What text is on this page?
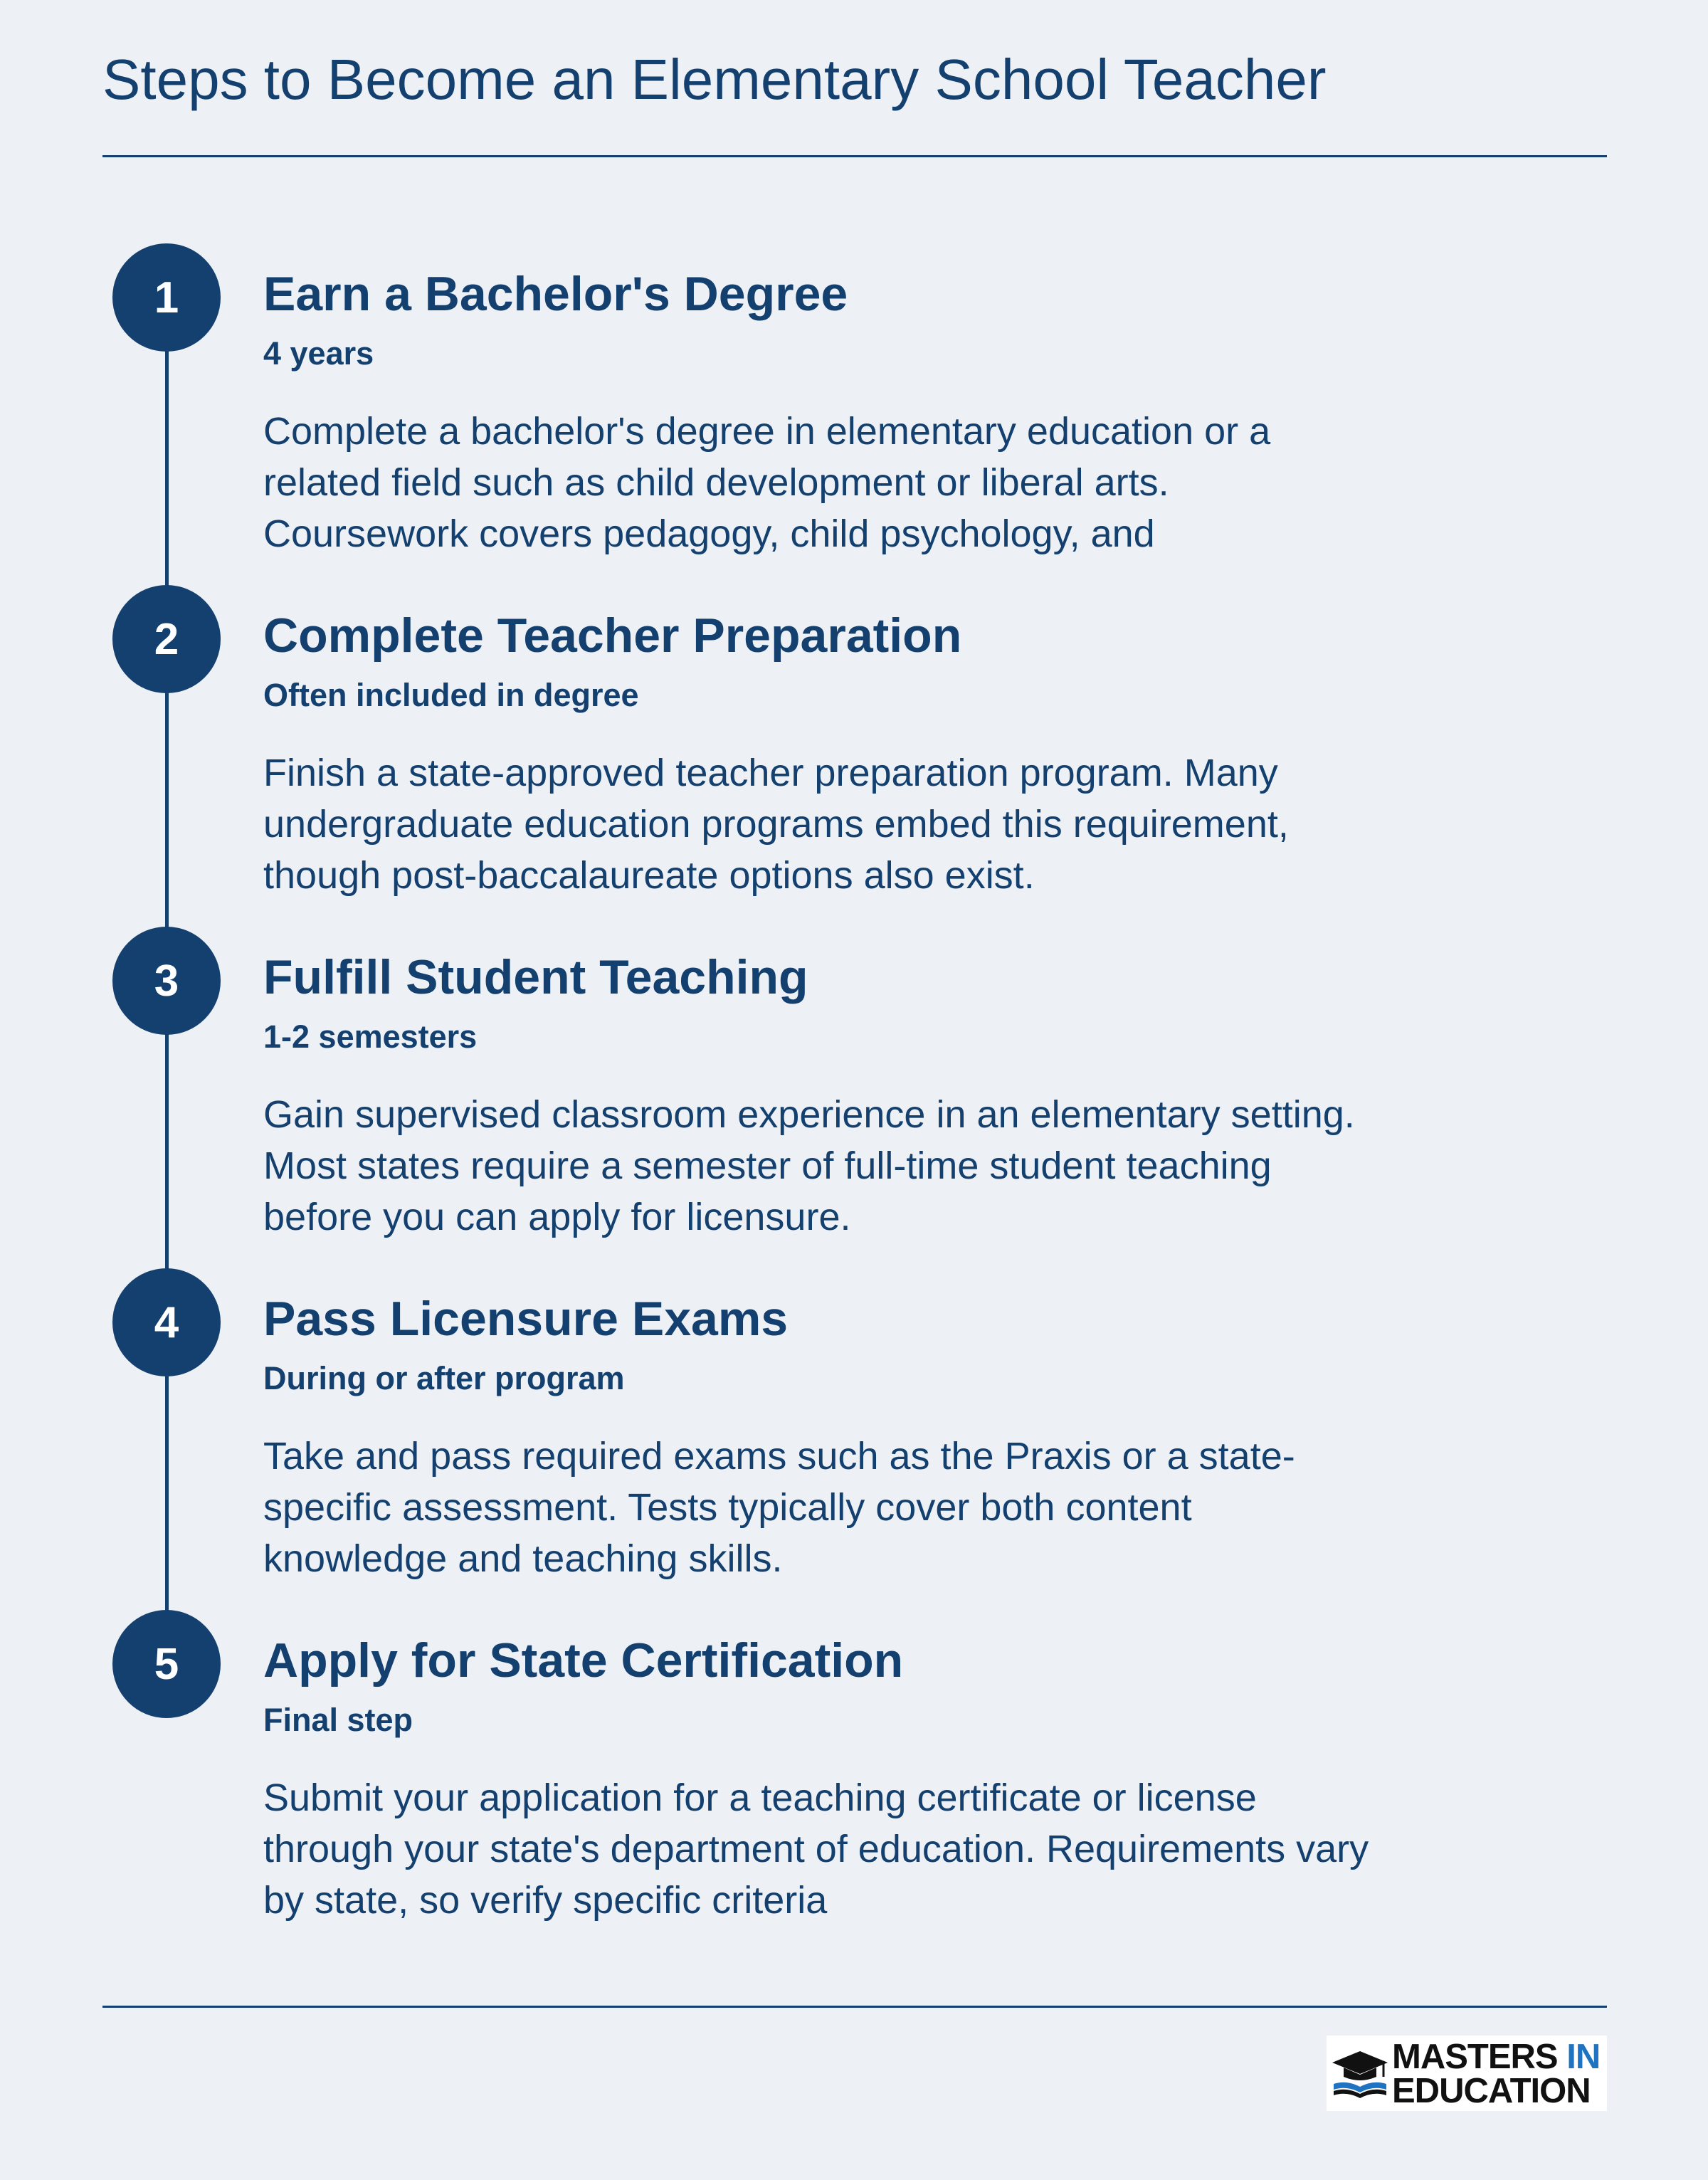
Steps to Become an Elementary School Teacher
1	Earn a Bachelor's Degree
4 years

Complete a bachelor's degree in elementary education or a related field such as child development or liberal arts. Coursework covers pedagogy, child psychology, and

2	Complete Teacher Preparation
Often included in degree

Finish a state-approved teacher preparation program. Many undergraduate education programs embed this requirement, though post-baccalaureate options also exist.

3	Fulfill Student Teaching
1-2 semesters

Gain supervised classroom experience in an elementary setting. Most states require a semester of full-time student teaching before you can apply for licensure.

4	Pass Licensure Exams
During or after program

Take and pass required exams such as the Praxis or a state-specific assessment. Tests typically cover both content knowledge and teaching skills.

5	Apply for State Certification
Final step

Submit your application for a teaching certificate or license through your state's department of education. Requirements vary by state, so verify specific criteria

MASTERS IN
EDUCATION
